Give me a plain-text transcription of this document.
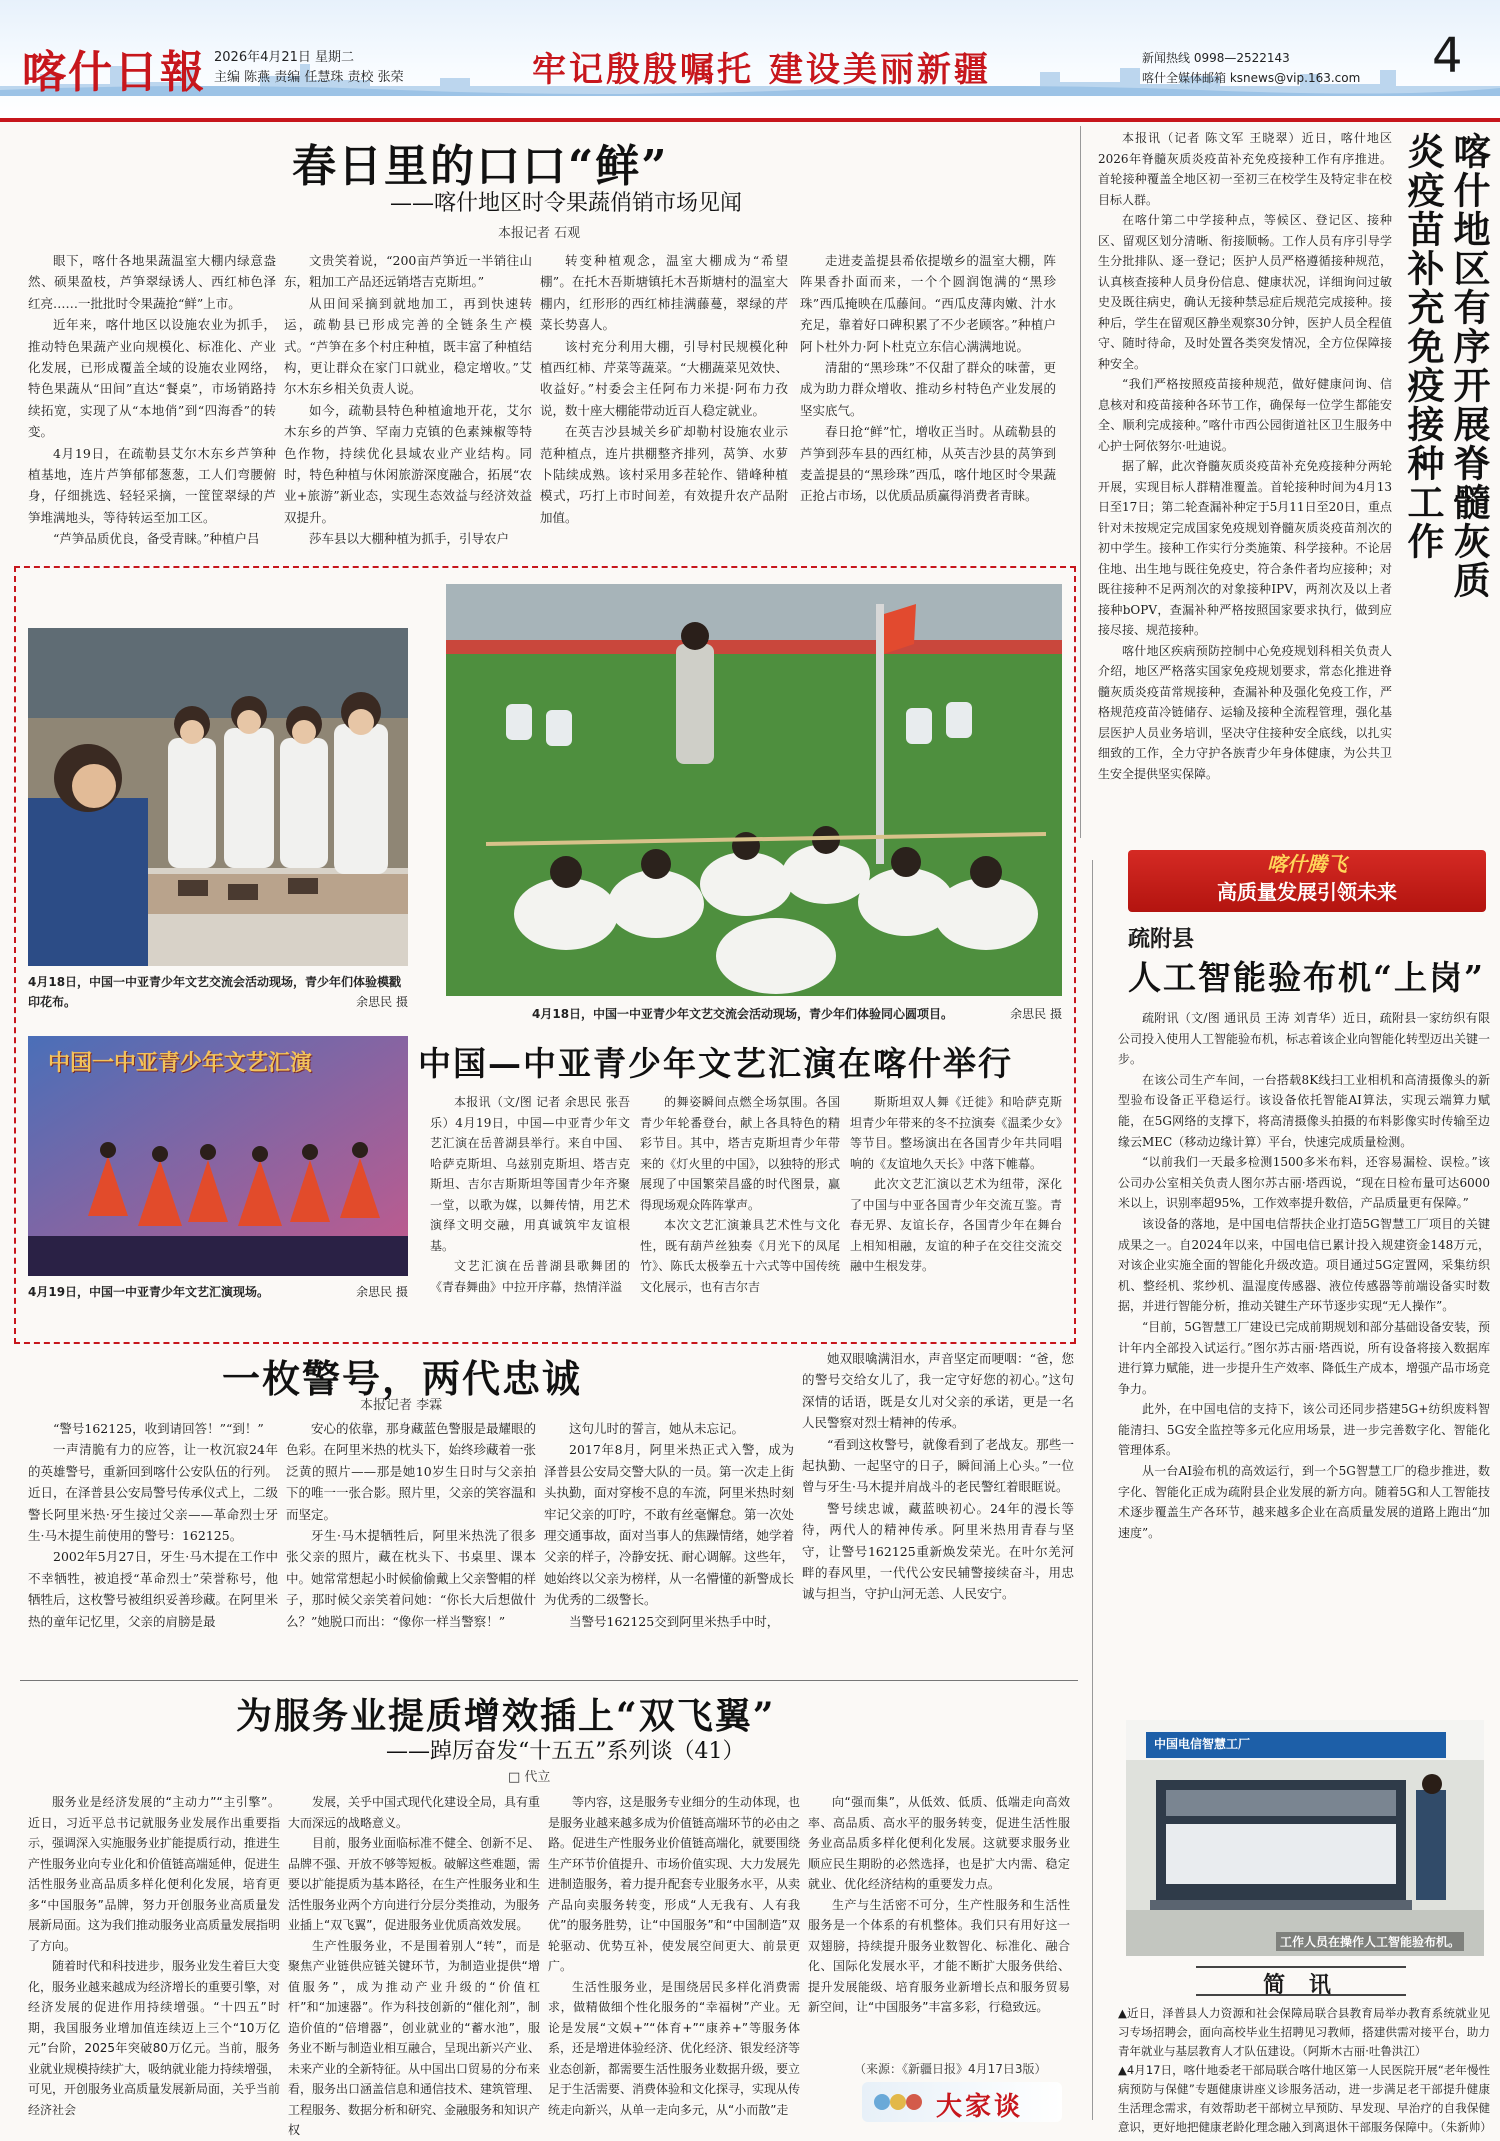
喀什日報 2026年4月21日 星期二
主编 陈燕 责编 任慧珠 责校 张荣	牢记殷殷嘱托 建设美丽新疆	新闻热线 0998—2522143
喀什全媒体邮箱 ksnews@vip.163.com 4
春日里的口口“鲜”
——喀什地区时令果蔬俏销市场见闻
本报记者 石观

眼下，喀什各地果蔬温室大棚内绿意盎然、硕果盈枝，芦笋翠绿诱人、西红柿色泽红亮……一批批时令果蔬抢“鲜”上市。

近年来，喀什地区以设施农业为抓手，推动特色果蔬产业向规模化、标准化、产业化发展，已形成覆盖全域的设施农业网络，特色果蔬从“田间”直达“餐桌”，市场销路持续拓宽，实现了从“本地俏”到“四海香”的转变。

4月19日，在疏勒县艾尔木东乡芦笋种植基地，连片芦笋郁郁葱葱，工人们弯腰俯身，仔细挑选、轻轻采摘，一筐筐翠绿的芦笋堆满地头，等待转运至加工区。

“芦笋品质优良，备受青睐。”种植户吕

文贵笑着说，“200亩芦笋近一半销往山东，粗加工产品还远销塔吉克斯坦。”

从田间采摘到就地加工，再到快速转运，疏勒县已形成完善的全链条生产模式。“芦笋在多个村庄种植，既丰富了种植结构，更让群众在家门口就业，稳定增收。”艾尔木东乡相关负责人说。

如今，疏勒县特色种植逾地开花，艾尔木东乡的芦笋、罕南力克镇的色素辣椒等特色作物，持续优化县域农业产业结构。同时，特色种植与休闲旅游深度融合，拓展“农业+旅游”新业态，实现生态效益与经济效益双提升。

莎车县以大棚种植为抓手，引导农户

转变种植观念，温室大棚成为“希望棚”。在托木吾斯塘镇托木吾斯塘村的温室大棚内，红形形的西红柿挂满藤蔓，翠绿的芹菜长势喜人。

该村充分利用大棚，引导村民规模化种植西红柿、芹菜等蔬菜。“大棚蔬菜见效快、收益好。”村委会主任阿布力米提·阿布力孜说，数十座大棚能带动近百人稳定就业。

在英吉沙县城关乡矿却勒村设施农业示范种植点，连片拱棚整齐排列，莴笋、水萝卜陆续成熟。该村采用多茬轮作、错峰种植模式，巧打上市时间差，有效提升农产品附加值。

走进麦盖提县希依提墩乡的温室大棚，阵阵果香扑面而来，一个个圆润饱满的“黑珍珠”西瓜掩映在瓜藤间。“西瓜皮薄肉嫩、汁水充足，靠着好口碑积累了不少老顾客。”种植户阿卜杜外力·阿卜杜克立东信心满满地说。

清甜的“黑珍珠”不仅甜了群众的味蕾，更成为助力群众增收、推动乡村特色产业发展的坚实底气。

春日抢“鲜”忙，增收正当时。从疏勒县的芦笋到莎车县的西红柿，从英吉沙县的莴笋到麦盖提县的“黑珍珠”西瓜，喀什地区时令果蔬正抢占市场，以优质品质赢得消费者青睐。

本报讯（记者 陈文军 王晓翠）近日，喀什地区2026年脊髓灰质炎疫苗补充免疫接种工作有序推进。首轮接种覆盖全地区初一至初三在校学生及特定非在校目标人群。

在喀什第二中学接种点，等候区、登记区、接种区、留观区划分清晰、衔接顺畅。工作人员有序引导学生分批排队、逐一登记；医护人员严格遵循接种规范，认真核查接种人员身份信息、健康状况，详细询问过敏史及既往病史，确认无接种禁忌症后规范完成接种。接种后，学生在留观区静坐观察30分钟，医护人员全程值守、随时待命，及时处置各类突发情况，全方位保障接种安全。

“我们严格按照疫苗接种规范，做好健康问询、信息核对和疫苗接种各环节工作，确保每一位学生都能安全、顺利完成接种。”喀什市西公园街道社区卫生服务中心护士阿依努尔·吐迪说。

据了解，此次脊髓灰质炎疫苗补充免疫接种分两轮开展，实现目标人群精准覆盖。首轮接种时间为4月13日至17日；第二轮查漏补种定于5月11日至20日，重点针对未按规定完成国家免疫规划脊髓灰质炎疫苗剂次的初中学生。接种工作实行分类施策、科学接种。不论居住地、出生地与既往免疫史，符合条件者均应接种；对既往接种不足两剂次的对象接种IPV，两剂次及以上者接种bOPV，查漏补种严格按照国家要求执行，做到应接尽接、规范接种。

喀什地区疾病预防控制中心免疫规划科相关负责人介绍，地区严格落实国家免疫规划要求，常态化推进脊髓灰质炎疫苗常规接种，查漏补种及强化免疫工作，严格规范疫苗冷链储存、运输及接种全流程管理，强化基层医护人员业务培训，坚决守住接种安全底线，以扎实细致的工作，全力守护各族青少年身体健康，为公共卫生安全提供坚实保障。

喀什地区有序开展脊髓灰质炎疫苗补充免疫接种工作
4月18日，中国一中亚青少年文艺交流会活动现场，青少年们体验模戳印花布。	余思民 摄
4月18日，中国一中亚青少年文艺交流会活动现场，青少年们体验同心圆项目。	余思民 摄
中国一中亚青少年文艺汇演
4月19日，中国一中亚青少年文艺汇演现场。	余思民 摄
中国—中亚青少年文艺汇演在喀什举行

本报讯（文/图 记者 余思民 张吾乐）4月19日，中国—中亚青少年文艺汇演在岳普湖县举行。来自中国、哈萨克斯坦、乌兹别克斯坦、塔吉克斯坦、吉尔吉斯斯坦等国青少年齐聚一堂，以歌为媒，以舞传情，用艺术演绎文明交融，用真诚筑牢友谊根基。

文艺汇演在岳普湖县歌舞团的《青春舞曲》中拉开序幕，热情洋溢

的舞姿瞬间点燃全场氛围。各国青少年轮番登台，献上各具特色的精彩节目。其中，塔吉克斯坦青少年带来的《灯火里的中国》，以独特的形式展现了中国繁荣昌盛的时代图景，赢得现场观众阵阵掌声。

本次文艺汇演兼具艺术性与文化性，既有葫芦丝独奏《月光下的凤尾竹》、陈氏太极拳五十六式等中国传统文化展示，也有吉尔吉

斯斯坦双人舞《迁徙》和哈萨克斯坦青少年带来的冬不拉演奏《温柔少女》等节目。整场演出在各国青少年共同唱响的《友谊地久天长》中落下帷幕。

此次文艺汇演以艺术为纽带，深化了中国与中亚各国青少年交流互鉴。青春无界、友谊长存，各国青少年在舞台上相知相融，友谊的种子在交往交流交融中生根发芽。

一枚警号，两代忠诚
本报记者 李霖

“警号162125，收到请回答！”“到！”

一声清脆有力的应答，让一枚沉寂24年的英雄警号，重新回到喀什公安队伍的行列。近日，在泽普县公安局警号传承仪式上，二级警长阿里米热·牙生接过父亲——革命烈士牙生·马木提生前使用的警号：162125。

2002年5月27日，牙生·马木提在工作中不幸牺牲，被追授“革命烈士”荣誉称号，他牺牲后，这枚警号被组织妥善珍藏。在阿里米热的童年记忆里，父亲的肩膀是最

安心的依靠，那身藏蓝色警服是最耀眼的色彩。在阿里米热的枕头下，始终珍藏着一张泛黄的照片——那是她10岁生日时与父亲拍下的唯一一张合影。照片里，父亲的笑容温和而坚定。

牙生·马木提牺牲后，阿里米热洗了很多张父亲的照片，藏在枕头下、书桌里、课本中。她常常想起小时候偷偷戴上父亲警帽的样子，那时候父亲笑着问她：“你长大后想做什么？”她脱口而出：“像你一样当警察！”

这句儿时的誓言，她从未忘记。

2017年8月，阿里米热正式入警，成为泽普县公安局交警大队的一员。第一次走上街头执勤，面对穿梭不息的车流，阿里米热时刻牢记父亲的叮咛，不敢有丝毫懈怠。第一次处理交通事故，面对当事人的焦躁情绪，她学着父亲的样子，冷静安抚、耐心调解。这些年，她始终以父亲为榜样，从一名懵懂的新警成长为优秀的二级警长。

当警号162125交到阿里米热手中时，

她双眼噙满泪水，声音坚定而哽咽：“爸，您的警号交给女儿了，我一定守好您的初心。”这句深情的话语，既是女儿对父亲的承诺，更是一名人民警察对烈士精神的传承。

“看到这枚警号，就像看到了老战友。那些一起执勤、一起坚守的日子，瞬间涌上心头。”一位曾与牙生·马木提并肩战斗的老民警红着眼眶说。

警号续忠诚，藏蓝映初心。24年的漫长等待，两代人的精神传承。阿里米热用青春与坚守，让警号162125重新焕发荣光。在叶尔羌河畔的春风里，一代代公安民辅警接续奋斗，用忠诚与担当，守护山河无恙、人民安宁。

为服务业提质增效插上“双飞翼”
——踔厉奋发“十五五”系列谈（41）
□ 代立

服务业是经济发展的“主动力”“主引擎”。近日，习近平总书记就服务业发展作出重要指示，强调深入实施服务业扩能提质行动，推进生产性服务业向专业化和价值链高端延伸，促进生活性服务业高品质多样化便利化发展，培育更多“中国服务”品牌，努力开创服务业高质量发展新局面。这为我们推动服务业高质量发展指明了方向。

随着时代和科技进步，服务业发生着巨大变化，服务业越来越成为经济增长的重要引擎，对经济发展的促进作用持续增强。“十四五”时期，我国服务业增加值连续迈上三个“10万亿元”台阶，2025年突破80万亿元。当前，服务业就业规模持续扩大，吸纳就业能力持续增强，可见，开创服务业高质量发展新局面，关乎当前经济社会

发展，关乎中国式现代化建设全局，具有重大而深远的战略意义。

目前，服务业面临标准不健全、创新不足、品牌不强、开放不够等短板。破解这些难题，需要以扩能提质为基本路径，在生产性服务业和生活性服务业两个方向进行分层分类推动，为服务业插上“双飞翼”，促进服务业优质高效发展。

生产性服务业，不是围着别人“转”，而是聚焦产业链供应链关键环节，为制造业提供“增值服务”，成为推动产业升级的“价值杠杆”和“加速器”。作为科技创新的“催化剂”，制造价值的“倍增器”，创业就业的“蓄水池”，服务业不断与制造业相互融合，呈现出新兴产业、未来产业的全新特征。从中国出口贸易的分布来看，服务出口涵盖信息和通信技术、建筑管理、工程服务、数据分析和研究、金融服务和知识产权

等内容，这是服务专业细分的生动体现，也是服务业越来越多成为价值链高端环节的必由之路。促进生产性服务业价值链高端化，就要围绕生产环节价值提升、市场价值实现、大力发展先进制造服务，着力提升配套专业服务水平，从卖产品向卖服务转变，形成“人无我有、人有我优”的服务胜势，让“中国服务”和“中国制造”双轮驱动、优势互补，使发展空间更大、前景更广。

生活性服务业，是围绕居民多样化消费需求，做精做细个性化服务的“幸福树”产业。无论是发展“文娱+”“体育+”“康养+”等服务体系，还是增进体验经济、优化经济、银发经济等业态创新，都需要生活性服务业数据升级，要立足于生活需要、消费体验和文化探寻，实现从传统走向新兴，从单一走向多元，从“小而散”走

向“强而集”，从低效、低质、低端走向高效率、高品质、高水平的服务转变，促进生活性服务业高品质多样化便利化发展。这就要求服务业顺应民生期盼的必然选择，也是扩大内需、稳定就业、优化经济结构的重要发力点。

生产与生活密不可分，生产性服务和生活性服务是一个体系的有机整体。我们只有用好这一双翅膀，持续提升服务业数智化、标准化、融合化、国际化发展水平，才能不断扩大服务供给、提升发展能级、培育服务业新增长点和服务贸易新空间，让“中国服务”丰富多彩，行稳致远。

（来源：《新疆日报》4月17日3版）
大家谈
喀什腾飞
高质量发展引领未来
疏附县
人工智能验布机“上岗”

疏附讯（文/图 通讯员 王涛 刘青华）近日，疏附县一家纺织有限公司投入使用人工智能验布机，标志着该企业向智能化转型迈出关键一步。

在该公司生产车间，一台搭载8K线扫工业相机和高清摄像头的新型验布设备正平稳运行。该设备依托智能AI算法，实现云端算力赋能，在5G网络的支撑下，将高清摄像头拍摄的布料影像实时传输至边缘云MEC（移动边缘计算）平台，快速完成质量检测。

“以前我们一天最多检测1500多米布料，还容易漏检、误检。”该公司办公室相关负责人图尔苏古丽·塔西说，“现在日检布量可达6000米以上，识别率超95%，工作效率提升数倍，产品质量更有保障。”

该设备的落地，是中国电信帮扶企业打造5G智慧工厂项目的关键成果之一。自2024年以来，中国电信已累计投入规建资金148万元，对该企业实施全面的智能化升级改造。项目通过5G定置网，采集纺织机、整经机、浆纱机、温湿度传感器、液位传感器等前端设备实时数据，并进行智能分析，推动关键生产环节逐步实现“无人操作”。

“目前，5G智慧工厂建设已完成前期规划和部分基础设备安装，预计年内全部投入试运行。”图尔苏古丽·塔西说，所有设备将接入数据库进行算力赋能，进一步提升生产效率、降低生产成本，增强产品市场竞争力。

此外，在中国电信的支持下，该公司还同步搭建5G+纺织废料智能清扫、5G安全监控等多元化应用场景，进一步完善数字化、智能化管理体系。

从一台AI验布机的高效运行，到一个5G智慧工厂的稳步推进，数字化、智能化正成为疏附县企业发展的新方向。随着5G和人工智能技术逐步覆盖生产各环节，越来越多企业在高质量发展的道路上跑出“加速度”。

中国电信智慧工厂
工作人员在操作人工智能验布机。
简 讯
▲近日，泽普县人力资源和社会保障局联合县教育局举办教育系统就业见习专场招聘会，面向高校毕业生招聘见习教师，搭建供需对接平台，助力青年就业与基层教育人才队伍建设。（阿斯木古丽·吐鲁洪江）
▲4月17日，喀什地委老干部局联合喀什地区第一人民医院开展“老年慢性病预防与保健”专题健康讲座义诊服务活动，进一步满足老干部提升健康生活理念需求，有效帮助老干部树立早预防、早发现、早治疗的自我保健意识，更好地把健康老龄化理念融入到离退休干部服务保障中。（朱新帅）
